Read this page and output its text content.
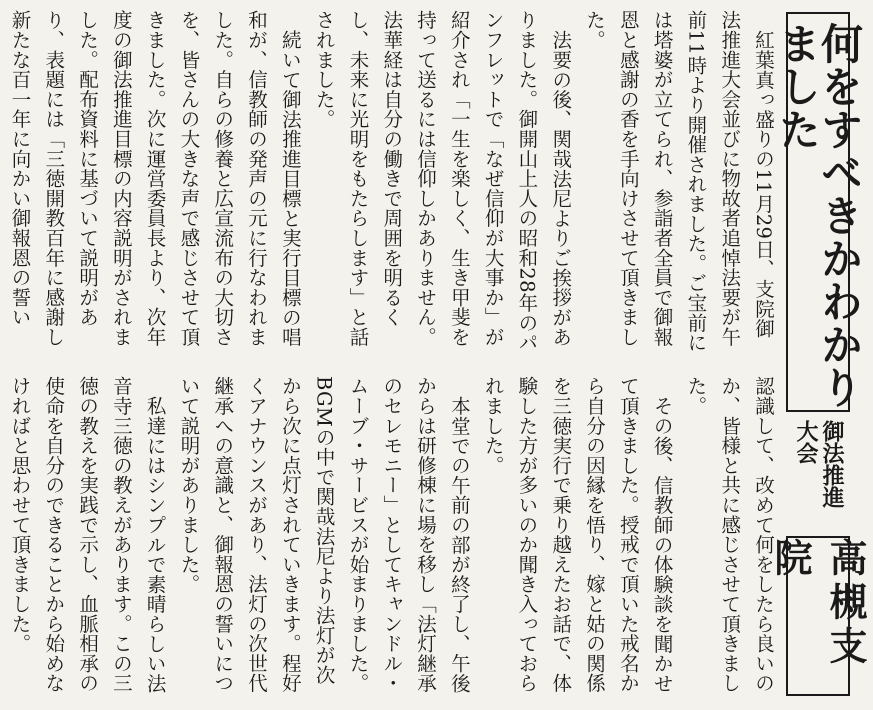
何をすべきかわかりました
御法推進大会
高槻支院

紅葉真っ盛りの11月29日、支院御法推進大会並びに物故者追悼法要が午前11時より開催されました。ご宝前には塔婆が立てられ、参詣者全員で御報恩と感謝の香を手向けさせて頂きました。

法要の後、関哉法尼よりご挨拶がありました。御開山上人の昭和28年のパンフレットで「なぜ信仰が大事か」が紹介され「一生を楽しく、生き甲斐を持って送るには信仰しかありません。法華経は自分の働きで周囲を明るくし、未来に光明をもたらします」と話されました。

続いて御法推進目標と実行目標の唱和が、信教師の発声の元に行なわれました。自らの修養と広宣流布の大切さを、皆さんの大きな声で感じさせて頂きました。次に運営委員長より、次年度の御法推進目標の内容説明がされました。配布資料に基づいて説明があり、表題には「三徳開教百年に感謝し新たな百一年に向かい御報恩の誓い

認識して、改めて何をしたら良いのか、皆様と共に感じさせて頂きました。

その後、信教師の体験談を聞かせて頂きました。授戒で頂いた戒名から自分の因縁を悟り、嫁と姑の関係を三徳実行で乗り越えたお話で、体験した方が多いのか聞き入っておられました。

本堂での午前の部が終了し、午後からは研修棟に場を移し「法灯継承のセレモニー」としてキャンドル・ムーブ・サービスが始まりました。BGMの中で関哉法尼より法灯が次から次に点灯されていきます。程好くアナウンスがあり、法灯の次世代継承への意識と、御報恩の誓いについて説明がありました。

私達にはシンプルで素晴らしい法音寺三徳の教えがあります。この三徳の教えを実践で示し、血脈相承の使命を自分のできることから始めなければと思わせて頂きました。
